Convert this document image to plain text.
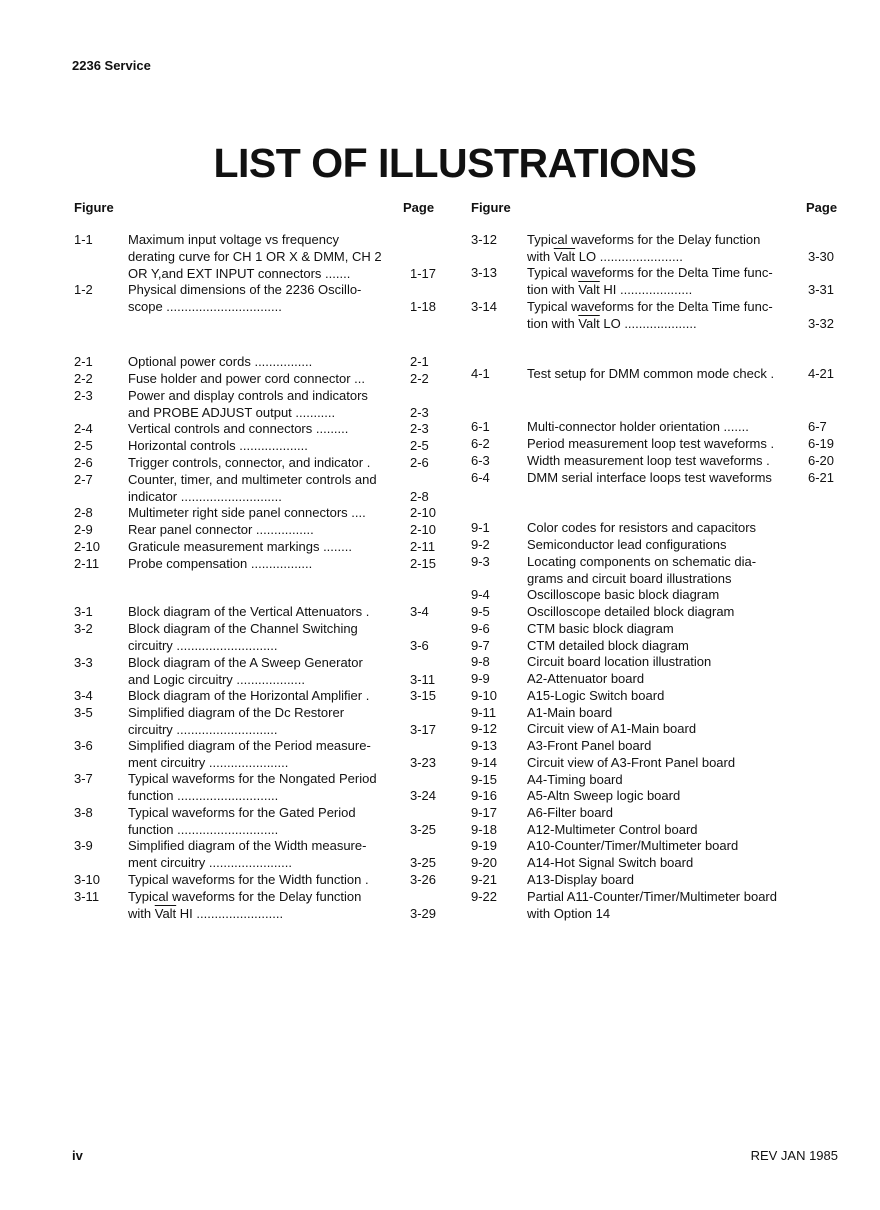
2236 Service
LIST OF ILLUSTRATIONS
Figure	Page	Figure	Page
1-1	Maximum input voltage vs frequency
derating curve for CH 1 OR X & DMM, CH 2
OR Y,and EXT INPUT connectors .......	1-17
1-2	Physical dimensions of the 2236 Oscillo-
scope ................................	1-18
2-1	Optional power cords ................	2-1
2-2	Fuse holder and power cord connector ...	2-2
2-3	Power and display controls and indicators
and PROBE ADJUST output ...........	2-3
2-4	Vertical controls and connectors .........	2-3
2-5	Horizontal controls ...................	2-5
2-6	Trigger controls, connector, and indicator .	2-6
2-7	Counter, timer, and multimeter controls and
indicator ............................	2-8
2-8	Multimeter right side panel connectors ....	2-10
2-9	Rear panel connector ................	2-10
2-10 Graticule measurement markings ........	2-11
2-11 Probe compensation .................	2-15
3-1	Block diagram of the Vertical Attenuators .	3-4
3-2	Block diagram of the Channel Switching
circuitry ............................	3-6
3-3	Block diagram of the A Sweep Generator
and Logic circuitry ...................	3-11
3-4	Block diagram of the Horizontal Amplifier .	3-15
3-5	Simplified diagram of the Dc Restorer
circuitry ............................	3-17
3-6	Simplified diagram of the Period measure-
ment circuitry ......................	3-23
3-7	Typical waveforms for the Nongated Period
function ............................	3-24
3-8	Typical waveforms for the Gated Period
function ............................	3-25
3-9	Simplified diagram of the Width measure-
ment circuitry .......................	3-25
3-10 Typical waveforms for the Width function .	3-26
3-11 Typical waveforms for the Delay function
with Valt HI ........................	3-29
3-12 Typical waveforms for the Delay function
with Valt LO .......................	3-30
3-13 Typical waveforms for the Delta Time func-
tion with Valt HI ....................	3-31
3-14 Typical waveforms for the Delta Time func-
tion with Valt LO ....................	3-32
4-1	Test setup for DMM common mode check .	4-21
6-1	Multi-connector holder orientation .......	6-7
6-2	Period measurement loop test waveforms .	6-19
6-3	Width measurement loop test waveforms .	6-20
6-4	DMM serial interface loops test waveforms	6-21
9-1	Color codes for resistors and capacitors
9-2	Semiconductor lead configurations
9-3	Locating components on schematic dia-
grams and circuit board illustrations
9-4	Oscilloscope basic block diagram
9-5	Oscilloscope detailed block diagram
9-6	CTM basic block diagram
9-7	CTM detailed block diagram
9-8	Circuit board location illustration
9-9	A2-Attenuator board
9-10 A15-Logic Switch board
9-11 A1-Main board
9-12 Circuit view of A1-Main board
9-13 A3-Front Panel board
9-14 Circuit view of A3-Front Panel board
9-15 A4-Timing board
9-16 A5-Altn Sweep logic board
9-17 A6-Filter board
9-18 A12-Multimeter Control board
9-19 A10-Counter/Timer/Multimeter board
9-20 A14-Hot Signal Switch board
9-21 A13-Display board
9-22 Partial A11-Counter/Timer/Multimeter board
with Option 14
iv	REV JAN 1985
